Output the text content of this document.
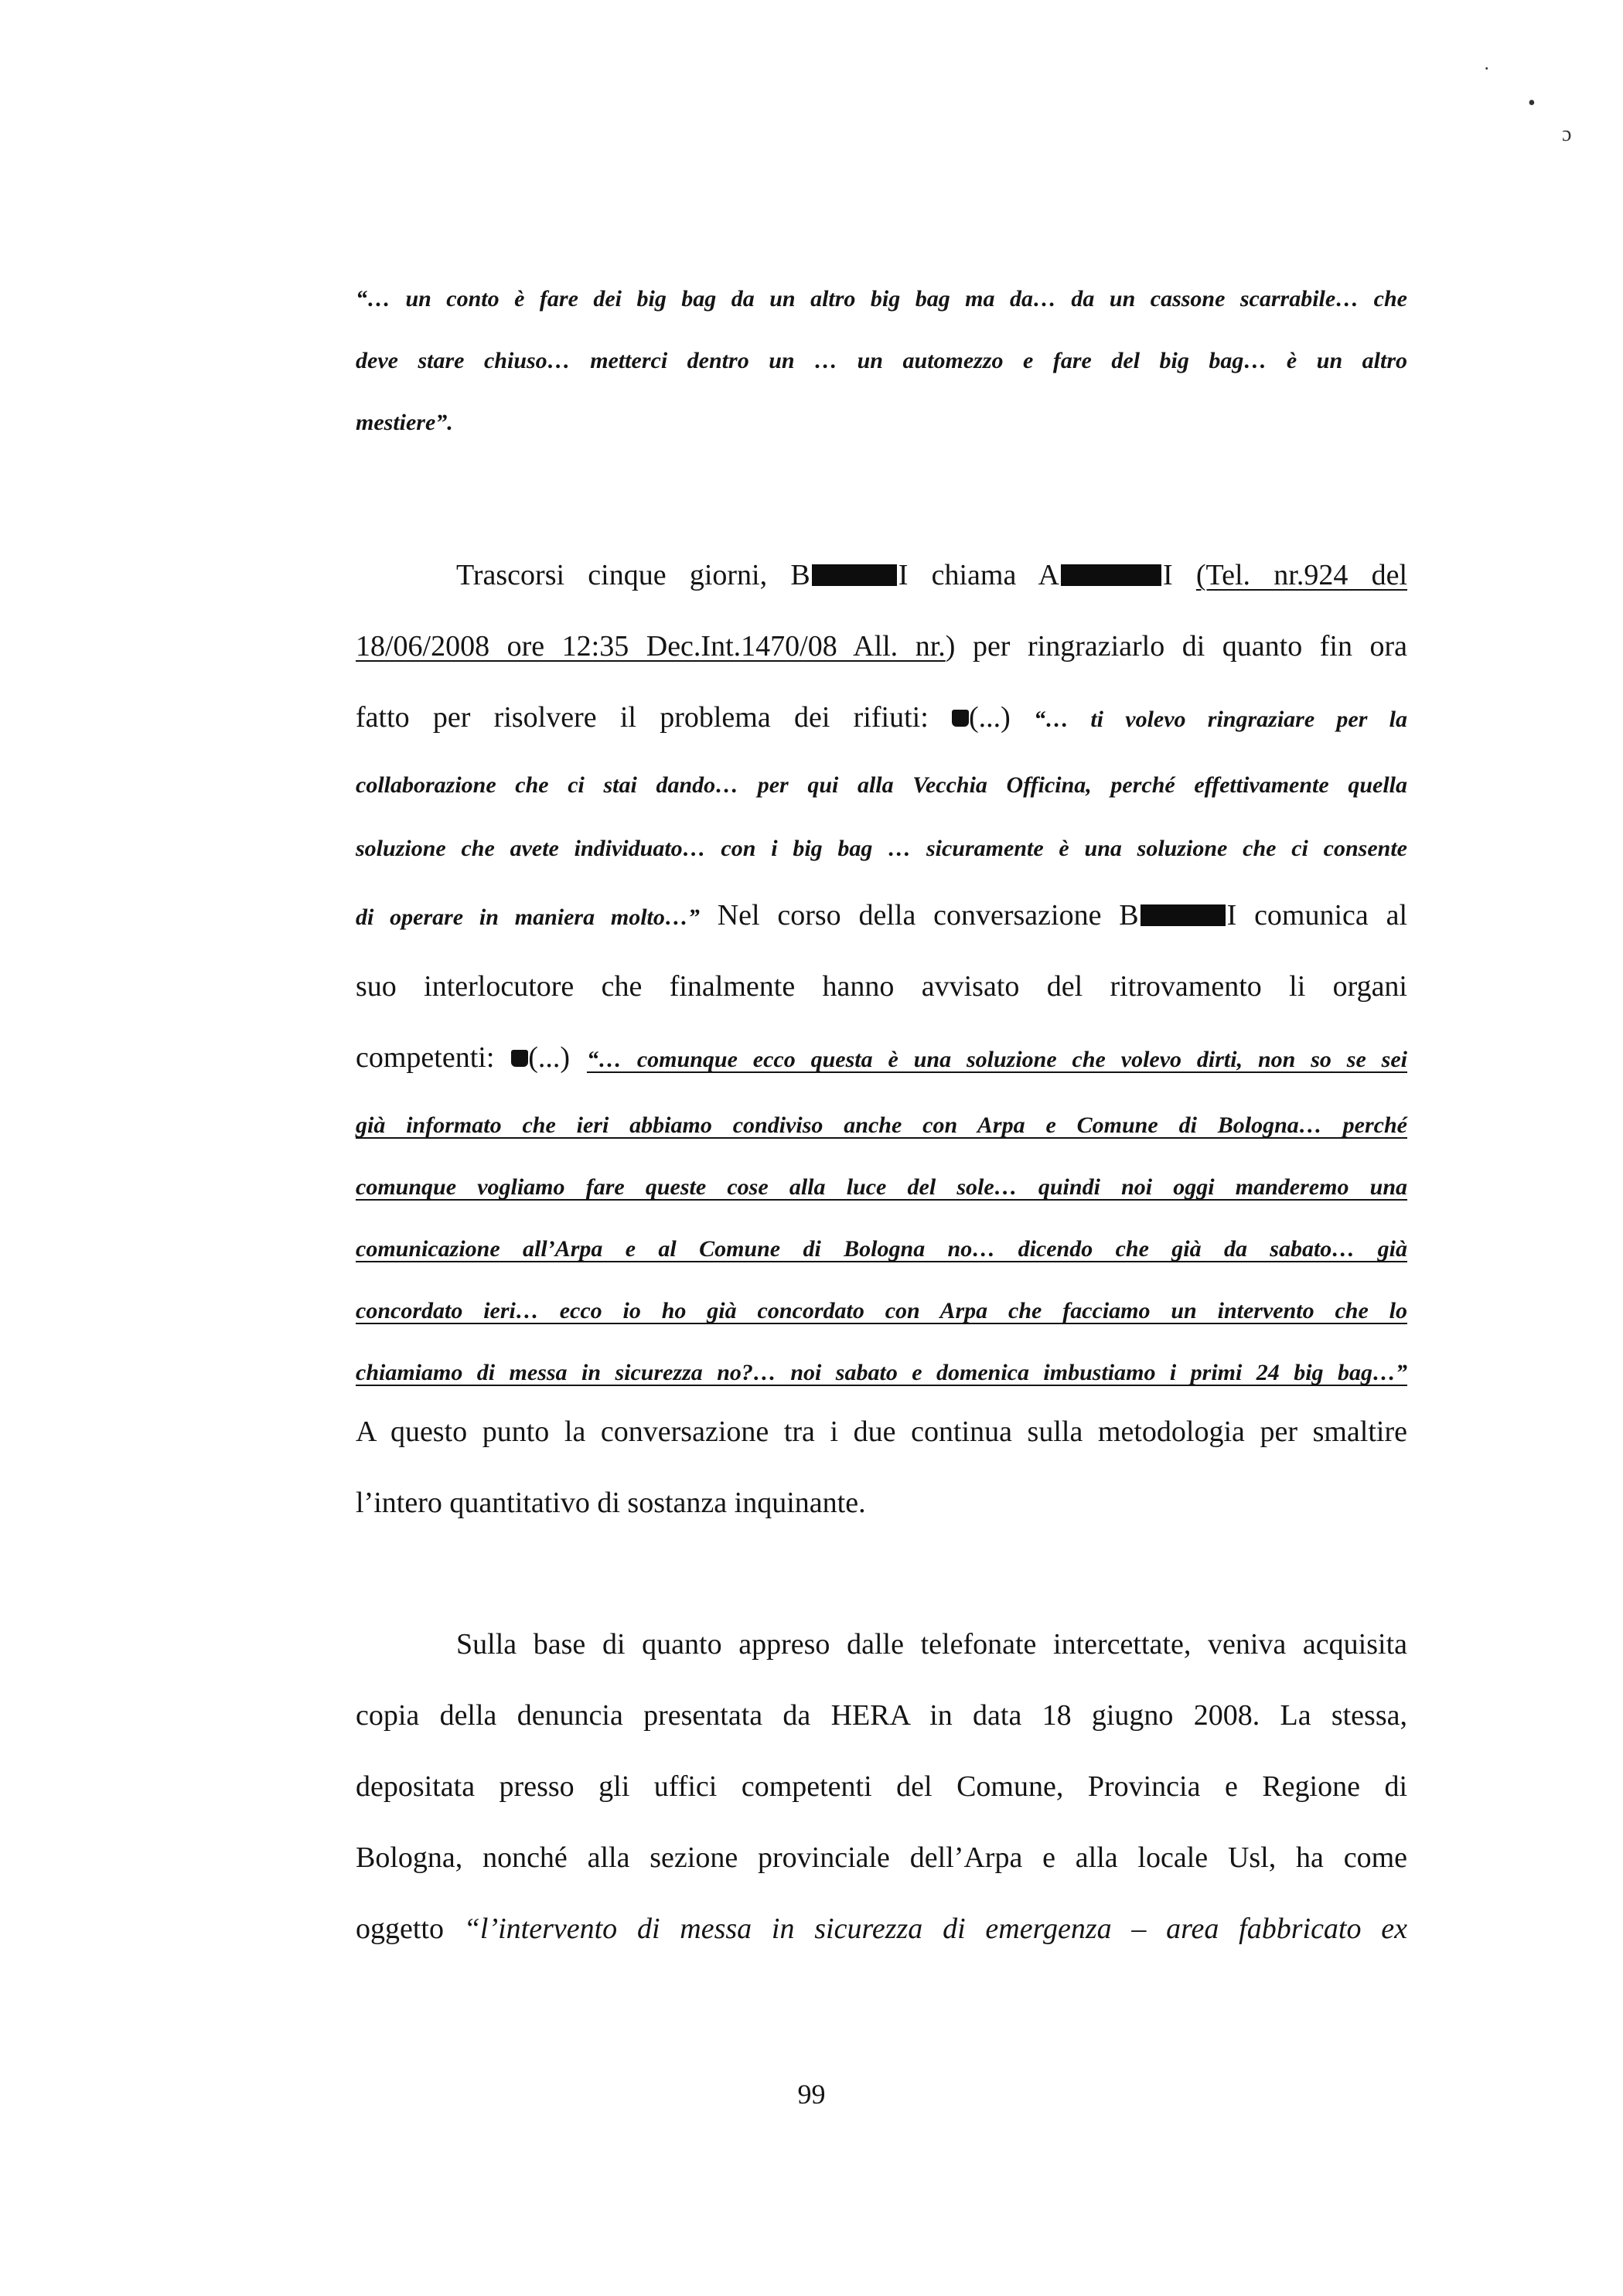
˙
•
ɔ
“… un conto è fare dei big bag da un altro big bag ma da… da un cassone scarrabile… che
deve stare chiuso… metterci dentro un … un automezzo e fare del big bag… è un altro
mestiere”.
Trascorsi cinque giorni, B	I chiama A	I (Tel. nr.924 del
18/06/2008 ore 12:35 Dec.Int.1470/08 All. nr.) per ringraziarlo di quanto fin ora
fatto per risolvere il problema dei rifiuti: (...) “… ti volevo ringraziare per la
collaborazione che ci stai dando… per qui alla Vecchia Officina, perché effettivamente quella
soluzione che avete individuato… con i big bag … sicuramente è una soluzione che ci consente
di operare in maniera molto…” Nel corso della conversazione B	I comunica al
suo interlocutore che finalmente hanno avvisato del ritrovamento li organi
competenti: (...) “… comunque ecco questa è una soluzione che volevo dirti, non so se sei
già informato che ieri abbiamo condiviso anche con Arpa e Comune di Bologna… perché
comunque vogliamo fare queste cose alla luce del sole… quindi noi oggi manderemo una
comunicazione all’Arpa e al Comune di Bologna no… dicendo che già da sabato… già
concordato ieri… ecco io ho già concordato con Arpa che facciamo un intervento che lo
chiamiamo di messa in sicurezza no?… noi sabato e domenica imbustiamo i primi 24 big bag…”
A questo punto la conversazione tra i due continua sulla metodologia per smaltire
l’intero quantitativo di sostanza inquinante.
Sulla base di quanto appreso dalle telefonate intercettate, veniva acquisita
copia della denuncia presentata da HERA in data 18 giugno 2008. La stessa,
depositata presso gli uffici competenti del Comune, Provincia e Regione di
Bologna, nonché alla sezione provinciale dell’Arpa e alla locale Usl, ha come
oggetto “l’intervento di messa in sicurezza di emergenza – area fabbricato ex
99
